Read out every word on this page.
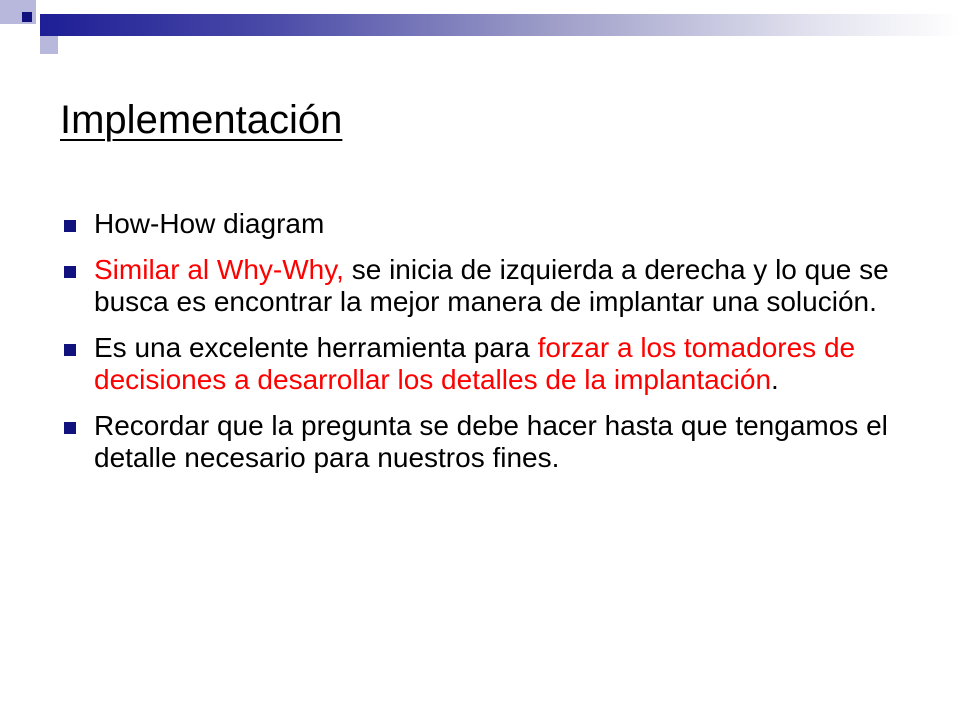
Implementación
How-How diagram
Similar al Why-Why, se inicia de izquierda a derecha y lo que se busca es encontrar la mejor manera de implantar una solución.
Es una excelente herramienta para forzar a los tomadores de decisiones a desarrollar los detalles de la implantación.
Recordar que la pregunta se debe hacer hasta que tengamos el detalle necesario para nuestros fines.
